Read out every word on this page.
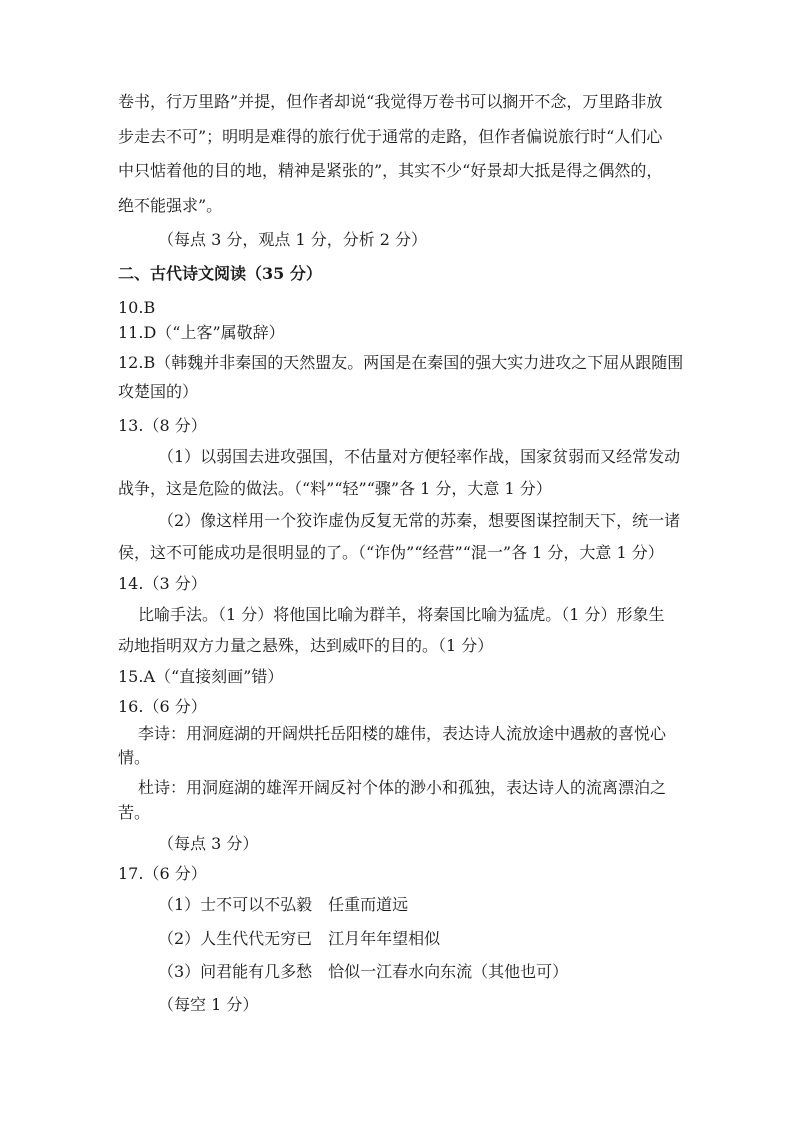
卷书，行万里路”并提，但作者却说“我觉得万卷书可以搁开不念，万里路非放
步走去不可”；明明是难得的旅行优于通常的走路，但作者偏说旅行时“人们心
中只惦着他的目的地，精神是紧张的”，其实不少“好景却大抵是得之偶然的，
绝不能强求”。
（每点 3 分，观点 1 分，分析 2 分）
二、古代诗文阅读（35 分）
10.B
11.D（“上客”属敬辞）
12.B（韩魏并非秦国的天然盟友。两国是在秦国的强大实力进攻之下屈从跟随围
攻楚国的）
13.（8 分）
（1）以弱国去进攻强国，不估量对方便轻率作战，国家贫弱而又经常发动
战争，这是危险的做法。（“料”“轻”“骤”各 1 分，大意 1 分）
（2）像这样用一个狡诈虚伪反复无常的苏秦，想要图谋控制天下，统一诸
侯，这不可能成功是很明显的了。（“诈伪”“经营”“混一”各 1 分，大意 1 分）
14.（3 分）
比喻手法。（1 分）将他国比喻为群羊，将秦国比喻为猛虎。（1 分）形象生
动地指明双方力量之悬殊，达到威吓的目的。（1 分）
15.A（“直接刻画”错）
16.（6 分）
李诗：用洞庭湖的开阔烘托岳阳楼的雄伟，表达诗人流放途中遇赦的喜悦心
情。
杜诗：用洞庭湖的雄浑开阔反衬个体的渺小和孤独，表达诗人的流离漂泊之
苦。
（每点 3 分）
17.（6 分）
（1）士不可以不弘毅　任重而道远
（2）人生代代无穷已　江月年年望相似
（3）问君能有几多愁　恰似一江春水向东流（其他也可）
（每空 1 分）
